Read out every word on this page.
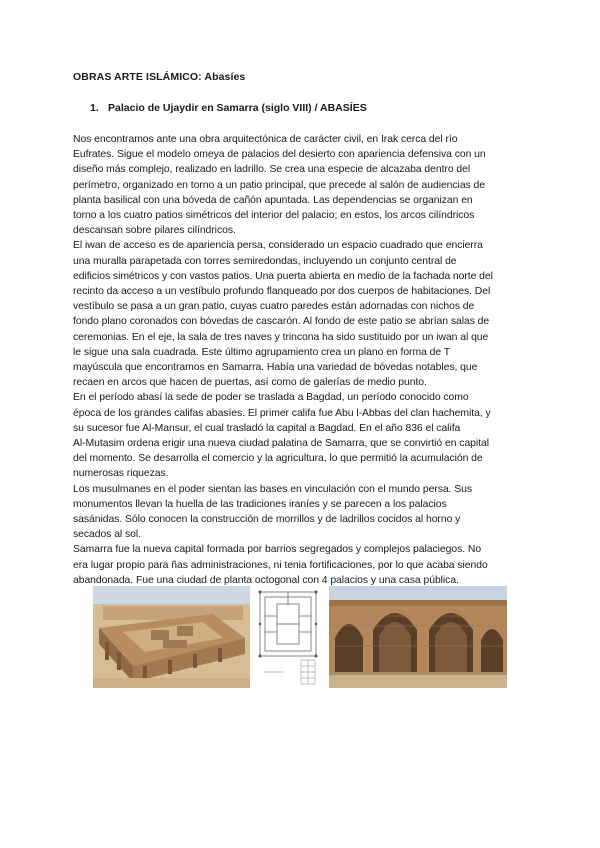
OBRAS ARTE ISLÁMICO: Abasíes
1. Palacio de Ujaydir en Samarra (siglo VIII) / ABASÍES
Nos encontramos ante una obra arquitectónica de carácter civil, en Irak cerca del río
Eufrates. Sigue el modelo omeya de palacios del desierto con apariencia defensiva con un
diseño más complejo, realizado en ladrillo. Se crea una especie de alcazaba dentro del
perímetro, organizado en torno a un patio principal, que precede al salón de audiencias de
planta basilical con una bóveda de cañón apuntada. Las dependencias se organizan en
torno a los cuatro patios simétricos del interior del palacio; en estos, los arcos cilíndricos
descansan sobre pilares cilíndricos.
El iwan de acceso es de apariencia persa, considerado un espacio cuadrado que encierra
una muralla parapetada con torres semiredondas, incluyendo un conjunto central de
edificios simétricos y con vastos patios. Una puerta abierta en medio de la fachada norte del
recinto da acceso a un vestíbulo profundo flanqueado por dos cuerpos de habitaciones. Del
vestíbulo se pasa a un gran patio, cuyas cuatro paredes están adornadas con nichos de
fondo plano coronados con bóvedas de cascarón. Al fondo de este patio se abrían salas de
ceremonias. En el eje, la sala de tres naves y trincona ha sido sustituido por un iwan al que
le sigue una sala cuadrada. Este último agrupamiento crea un plano en forma de T
mayúscula que encontramos en Samarra. Había una variedad de bóvedas notables, que
recaen en arcos que hacen de puertas, así como de galerías de medio punto.
En el período abasí la sede de poder se traslada a Bagdad, un período conocido como
época de los grandes califas abasíes. El primer califa fue Abu l-Abbas del clan hachemita, y
su sucesor fue Al-Mansur, el cual trasladó la capital a Bagdad. En el año 836 el califa
Al-Mutasim ordena erigir una nueva ciudad palatina de Samarra, que se convirtió en capital
del momento. Se desarrolla el comercio y la agricultura, lo que permitió la acumulación de
numerosas riquezas.
Los musulmanes en el poder sientan las bases en vinculación con el mundo persa. Sus
monumentos llevan la huella de las tradiciones iraníes y se parecen a los palacios
sasánidas. Sólo conocen la construcción de morrillos y de ladrillos cocidos al horno y
secados al sol.
Samarra fue la nueva capital formada por barrios segregados y complejos palaciegos. No
era lugar propio para ñas administraciones, ni tenia fortificaciones, por lo que acaba siendo
abandonada. Fue una ciudad de planta octogonal con 4 palacios y una casa pública.
